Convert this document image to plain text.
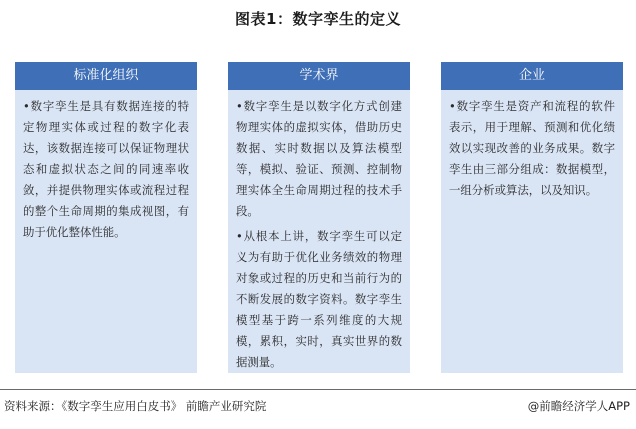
图表1：数字孪生的定义
标准化组织

•数字孪生是具有数据连接的特定物理实体或过程的数字化表达，该数据连接可以保证物理状态和虚拟状态之间的同速率收敛，并提供物理实体或流程过程的整个生命周期的集成视图，有助于优化整体性能。

学术界

•数字孪生是以数字化方式创建物理实体的虚拟实体，借助历史数据、实时数据以及算法模型等，模拟、验证、预测、控制物理实体全生命周期过程的技术手段。

•从根本上讲，数字孪生可以定义为有助于优化业务绩效的物理对象或过程的历史和当前行为的不断发展的数字资料。数字孪生模型基于跨一系列维度的大规模，累积，实时，真实世界的数据测量。

企业

•数字孪生是资产和流程的软件表示，用于理解、预测和优化绩效以实现改善的业务成果。数字孪生由三部分组成：数据模型，一组分析或算法，以及知识。

资料来源：《数字孪生应用白皮书》 前瞻产业研究院	@前瞻经济学人APP
